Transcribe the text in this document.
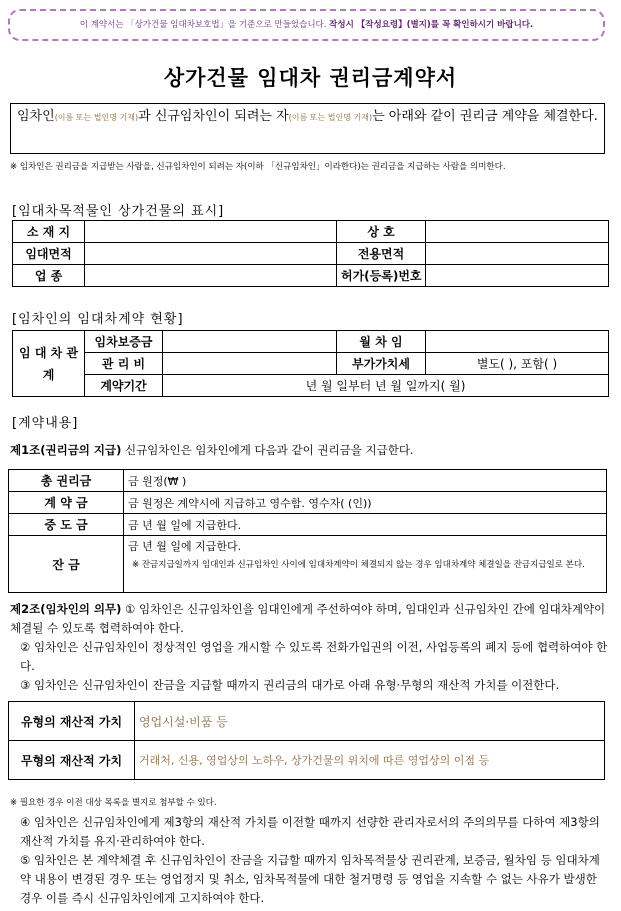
이 계약서는 「상가건물 임대차보호법」을 기준으로 만들었습니다. 작성시 【작성요령】(별지)를 꼭 확인하시기 바랍니다.
상가건물 임대차 권리금계약서
임차인(이름 또는 법인명 기재)과 신규임차인이 되려는 자(이름 또는 법인명 기재)는 아래와 같이 권리금 계약을 체결한다.
※ 임차인은 권리금을 지급받는 사람을, 신규임차인이 되려는 자(이하 「신규임차인」이라한다)는 권리금을 지급하는 사람을 의미한다.
[임대차목적물인 상가건물의 표시]
소 재 지		상 호	
임대면적		전용면적	
업 종		허가(등록)번호	
[임차인의 임대차계약 현황]
임 대 차 관 계	임차보증금		월 차 임	
	관 리 비		부가가치세	별도( ), 포함( )
	계약기간	년 월 일부터 년 월 일까지( 월)		
[계약내용]
제1조(권리금의 지급) 신규임차인은 임차인에게 다음과 같이 권리금을 지급한다.
총 권리금	금 원정(₩ )
계 약 금	금 원정은 계약시에 지급하고 영수함. 영수자( (인))
중 도 금	금 년 월 일에 지급한다.
잔 금	금 년 월 일에 지급한다.
※ 잔금지급일까지 임대인과 신규임차인 사이에 임대차계약이 체결되지 않는 경우 임대차계약 체결일을 잔금지급일로 본다.
제2조(임차인의 의무) ① 임차인은 신규임차인을 임대인에게 주선하여야 하며, 임대인과 신규임차인 간에 임대차계약이 체결될 수 있도록 협력하여야 한다.
② 임차인은 신규임차인이 정상적인 영업을 개시할 수 있도록 전화가입권의 이전, 사업등록의 폐지 등에 협력하여야 한다.
③ 임차인은 신규임차인이 잔금을 지급할 때까지 권리금의 대가로 아래 유형·무형의 재산적 가치를 이전한다.
유형의 재산적 가치	영업시설·비품 등
무형의 재산적 가치	거래처, 신용, 영업상의 노하우, 상가건물의 위치에 따른 영업상의 이점 등
※ 필요한 경우 이전 대상 목록을 별지로 첨부할 수 있다.
④ 임차인은 신규임차인에게 제3항의 재산적 가치를 이전할 때까지 선량한 관리자로서의 주의의무를 다하여 제3항의 재산적 가치를 유지·관리하여야 한다.
⑤ 임차인은 본 계약체결 후 신규임차인이 잔금을 지급할 때까지 임차목적물상 권리관계, 보증금, 월차임 등 임대차계약 내용이 변경된 경우 또는 영업정지 및 취소, 임차목적물에 대한 철거명령 등 영업을 지속할 수 없는 사유가 발생한 경우 이를 즉시 신규임차인에게 고지하여야 한다.
